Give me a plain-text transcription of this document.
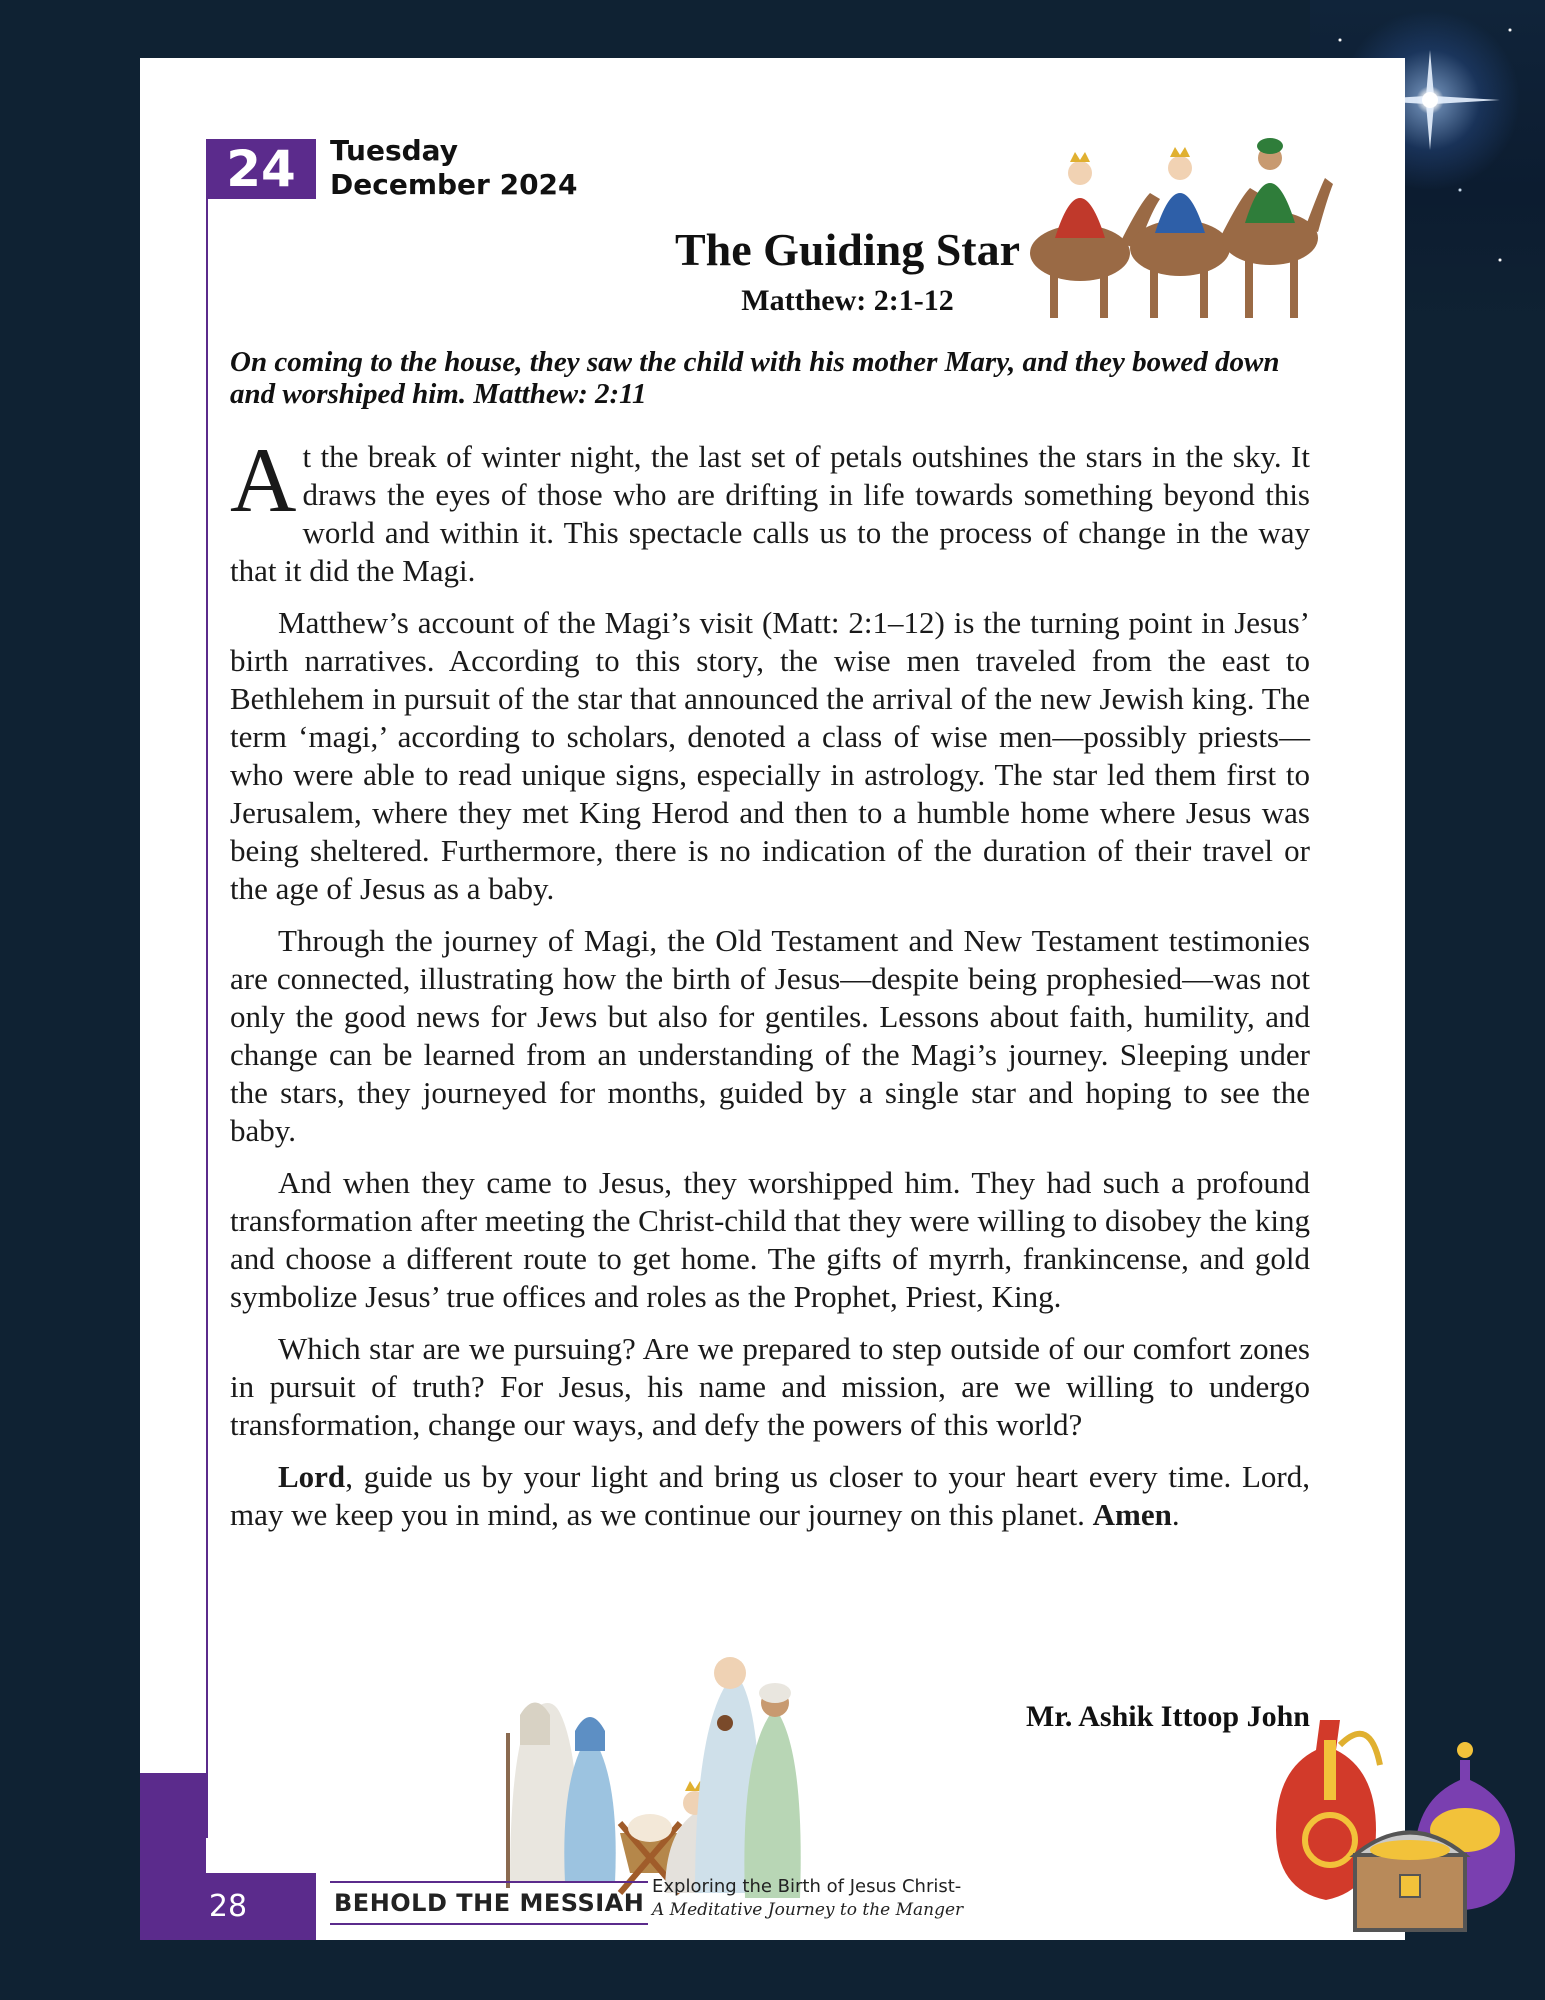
24	Tuesday
December 2024
The Guiding Star
Matthew: 2:1-12
On coming to the house, they saw the child with his mother Mary, and they bowed down and worshiped him. Matthew: 2:11

At the break of winter night, the last set of petals outshines the stars in the sky. It draws the eyes of those who are drifting in life towards something beyond this world and within it. This spectacle calls us to the process of change in the way that it did the Magi.

Matthew’s account of the Magi’s visit (Matt: 2:1–12) is the turning point in Jesus’ birth narratives. According to this story, the wise men traveled from the east to Bethlehem in pursuit of the star that announced the arrival of the new Jewish king. The term ‘magi,’ according to scholars, denoted a class of wise men—possibly priests—who were able to read unique signs, especially in astrology. The star led them first to Jerusalem, where they met King Herod and then to a humble home where Jesus was being sheltered. Furthermore, there is no indication of the duration of their travel or the age of Jesus as a baby.

Through the journey of Magi, the Old Testament and New Testament testimonies are connected, illustrating how the birth of Jesus—despite being prophesied—was not only the good news for Jews but also for gentiles. Lessons about faith, humility, and change can be learned from an understanding of the Magi’s journey. Sleeping under the stars, they journeyed for months, guided by a single star and hoping to see the baby.

And when they came to Jesus, they worshipped him. They had such a profound transformation after meeting the Christ-child that they were willing to disobey the king and choose a different route to get home. The gifts of myrrh, frankincense, and gold symbolize Jesus’ true offices and roles as the Prophet, Priest, King.

Which star are we pursuing? Are we prepared to step outside of our comfort zones in pursuit of truth? For Jesus, his name and mission, are we willing to undergo transformation, change our ways, and defy the powers of this world?

Lord, guide us by your light and bring us closer to your heart every time. Lord, may we keep you in mind, as we continue our journey on this planet. Amen.

Mr. Ashik Ittoop John
28	BEHOLD THE MESSIAH
Exploring the Birth of Jesus Christ-
A Meditative Journey to the Manger
